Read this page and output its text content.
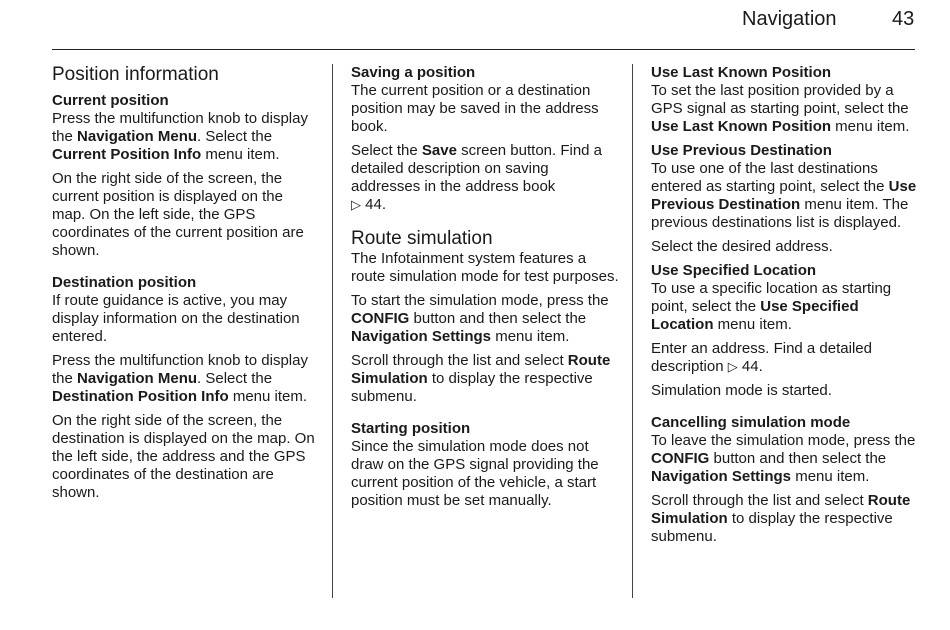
Navigation	43
Position information
Current position

Press the multifunction knob to display the Navigation Menu. Select the Current Position Info menu item.

On the right side of the screen, the current position is displayed on the map. On the left side, the GPS coordinates of the current position are shown.

Destination position

If route guidance is active, you may display information on the destination entered.

Press the multifunction knob to display the Navigation Menu. Select the Destination Position Info menu item.

On the right side of the screen, the destination is displayed on the map. On the left side, the address and the GPS coordinates of the destination are shown.

Saving a position

The current position or a destination position may be saved in the address book.

Select the Save screen button. Find a detailed description on saving addresses in the address book
▷ 44.

Route simulation

The Infotainment system features a route simulation mode for test purposes.

To start the simulation mode, press the CONFIG button and then select the Navigation Settings menu item.

Scroll through the list and select Route Simulation to display the respective submenu.

Starting position

Since the simulation mode does not draw on the GPS signal providing the current position of the vehicle, a start position must be set manually.

Use Last Known Position

To set the last position provided by a GPS signal as starting point, select the Use Last Known Position menu item.

Use Previous Destination

To use one of the last destinations entered as starting point, select the Use Previous Destination menu item. The previous destinations list is displayed.

Select the desired address.

Use Specified Location

To use a specific location as starting point, select the Use Specified Location menu item.

Enter an address. Find a detailed description ▷ 44.

Simulation mode is started.

Cancelling simulation mode

To leave the simulation mode, press the CONFIG button and then select the Navigation Settings menu item.

Scroll through the list and select Route Simulation to display the respective submenu.
